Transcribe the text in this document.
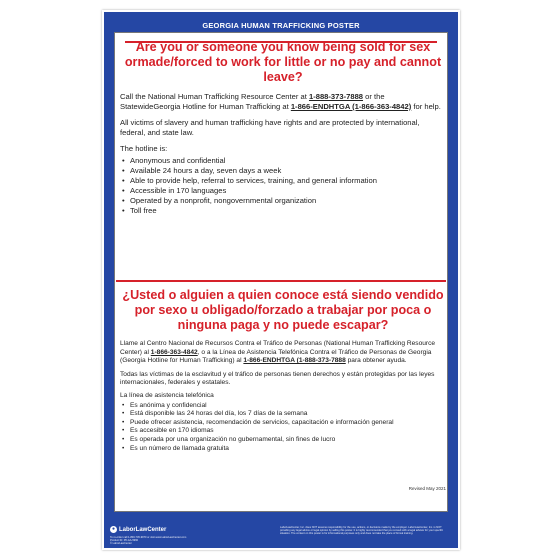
GEORGIA HUMAN TRAFFICKING POSTER
Are you or someone you know being sold for sex ormade/forced to work for little or no pay and cannot leave?

Call the National Human Trafficking Resource Center at 1-888-373-7888 or the StatewideGeorgia Hotline for Human Trafficking at 1-866-ENDHTGA (1-866-363-4842) for help.

All victims of slavery and human trafficking have rights and are protected by international, federal, and state law.

The hotline is:

• Anonymous and confidential
• Available 24 hours a day, seven days a week
• Able to provide help, referral to services, training, and general information
• Accessible in 170 languages
• Operated by a nonprofit, nongovernmental organization
• Toll free
¿Usted o alguien a quien conoce está siendo vendido por sexo u obligado/forzado a trabajar por poca o ninguna paga y no puede escapar?

Llame al Centro Nacional de Recursos Contra el Tráfico de Personas (National Human Trafficking Resource Center) al 1-866-363-4842, o a la Línea de Asistencia Telefónica Contra el Tráfico de Personas de Georgia (Georgia Hotline for Human Trafficking) al 1-866-ENDHTGA (1-888-373-7888 para obtener ayuda.

Todas las víctimas de la esclavitud y el tráfico de personas tienen derechos y están protegidas por las leyes internacionales, federales y estatales.

La línea de asistencia telefónica

• Es anónima y confidencial
• Está disponible las 24 horas del día, los 7 días de la semana
• Puede ofrecer asistencia, recomendación de servicios, capacitación e información general
• Es accesible en 170 idiomas
• Es operada por una organización no gubernamental, sin fines de lucro
• Es un número de llamada gratuita
Revised May 2021
● LaborLawCenter
To re-order call 1-800-745-9970 or visit www.LaborLawCenter.com
Product ID: P0-GA-5960
© LaborLawCenter
LaborLawCenter, Inc. does NOT assume responsibility for the use, actions, or decisions made by the employer. LaborLawCenter, Inc. is NOT providing any legal advice or legal opinion by selling this poster. It is highly recommended that you consult with a legal advisor for your specific situation. The content on this poster is for informational purposes only and does not take the place of formal training.
